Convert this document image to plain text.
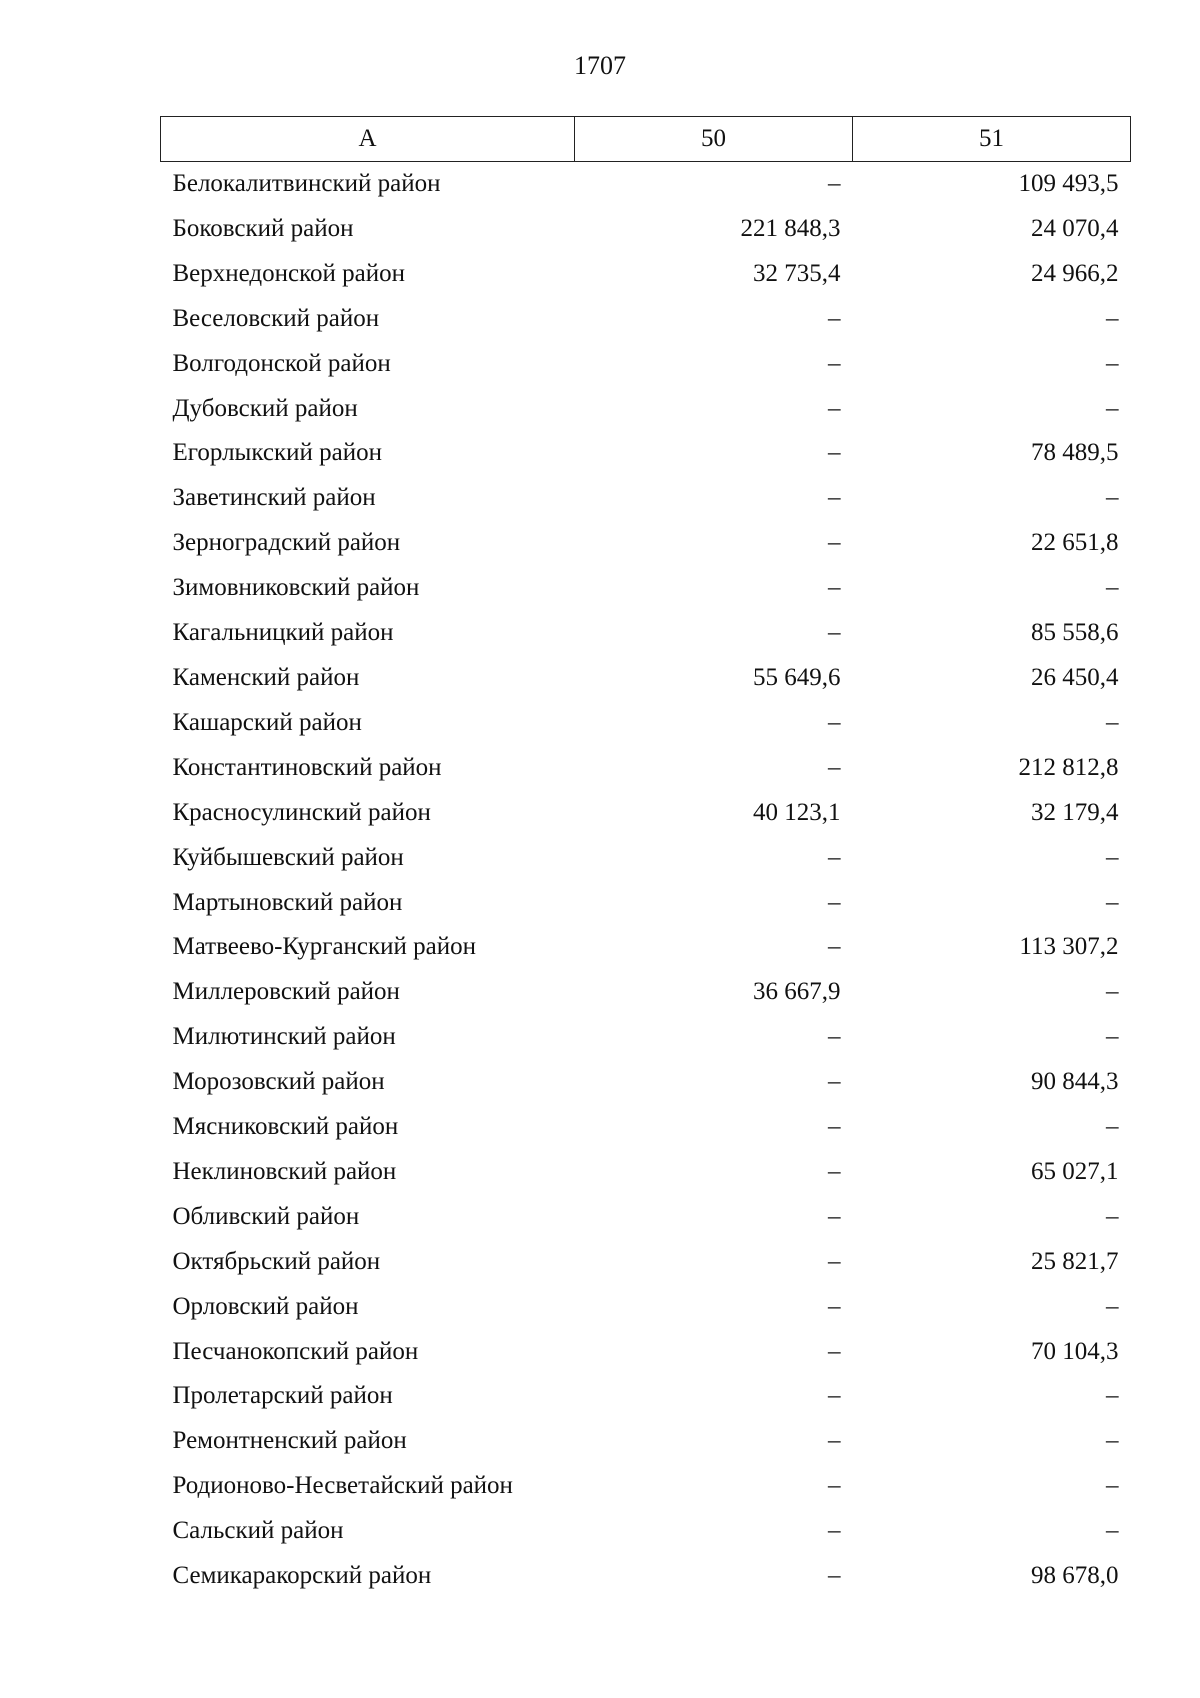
1707
А	50	51
Белокалитвинский район	–	109 493,5
Боковский район	221 848,3	24 070,4
Верхнедонской район	32 735,4	24 966,2
Веселовский район	–	–
Волгодонской район	–	–
Дубовский район	–	–
Егорлыкский район	–	78 489,5
Заветинский район	–	–
Зерноградский район	–	22 651,8
Зимовниковский район	–	–
Кагальницкий район	–	85 558,6
Каменский район	55 649,6	26 450,4
Кашарский район	–	–
Константиновский район	–	212 812,8
Красносулинский район	40 123,1	32 179,4
Куйбышевский район	–	–
Мартыновский район	–	–
Матвеево-Курганский район	–	113 307,2
Миллеровский район	36 667,9	–
Милютинский район	–	–
Морозовский район	–	90 844,3
Мясниковский район	–	–
Неклиновский район	–	65 027,1
Обливский район	–	–
Октябрьский район	–	25 821,7
Орловский район	–	–
Песчанокопский район	–	70 104,3
Пролетарский район	–	–
Ремонтненский район	–	–
Родионово-Несветайский район	–	–
Сальский район	–	–
Семикаракорский район	–	98 678,0
